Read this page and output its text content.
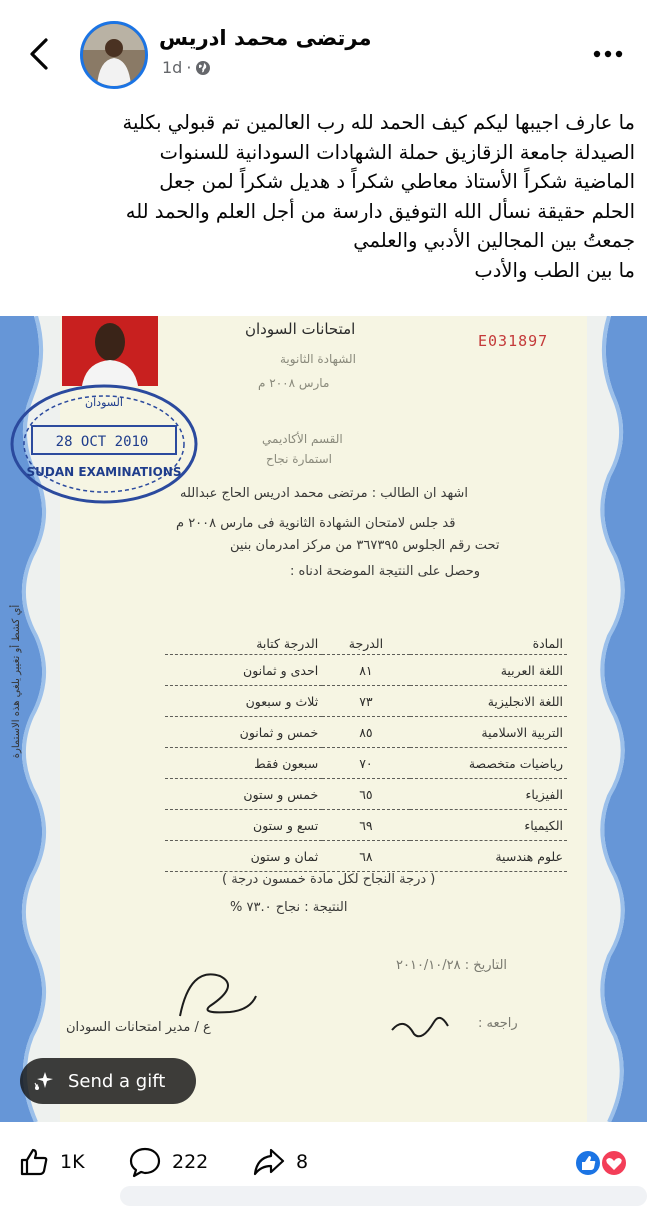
مرتضى محمد ادريس
1d ·
ما عارف اجيبها ليكم كيف الحمد لله رب العالمين تم قبولي بكلية
الصيدلة جامعة الزقازيق حملة الشهادات السودانية للسنوات
الماضية شكراً الأستاذ معاطي شكراً د هديل شكراً لمن جعل
الحلم حقيقة نسأل الله التوفيق دارسة من أجل العلم والحمد لله
جمعتُ بين المجالين الأدبي والعلمي
ما بين الطب والأدب
28 OCT 2010
SUDAN EXAMINATIONS
السودان
امتحانات السودان
E031897
الشهادة الثانوية
مارس ٢٠٠٨ م
القسم الأكاديمي
استمارة نجاح
اشهد ان الطالب : مرتضى محمد ادريس الحاج عبدالله
قد جلس لامتحان الشهادة الثانوية فى مارس ٢٠٠٨ م
تحت رقم الجلوس ٣٦٧٣٩٥ من مركز امدرمان بنين
وحصل على النتيجة الموضحة ادناه :
أي كشط أو تغيير يلغي هذه الاستمارة	المادة	الدرجة	الدرجة كتابة
اللغة العربية	٨١	احدى و ثمانون
اللغة الانجليزية	٧٣	ثلاث و سبعون
التربية الاسلامية	٨٥	خمس و ثمانون
رياضيات متخصصة	٧٠	سبعون فقط
الفيزياء	٦٥	خمس و ستون
الكيمياء	٦٩	تسع و ستون
علوم هندسية	٦٨	ثمان و ستون
( درجة النجاح لكل مادة خمسون درجة )
النتيجة : نجاح ٧٣.٠ %
التاريخ : ٢٠١٠/١٠/٢٨
ع / مدير امتحانات السودان	راجعه :
Send a gift
1K	222	8
